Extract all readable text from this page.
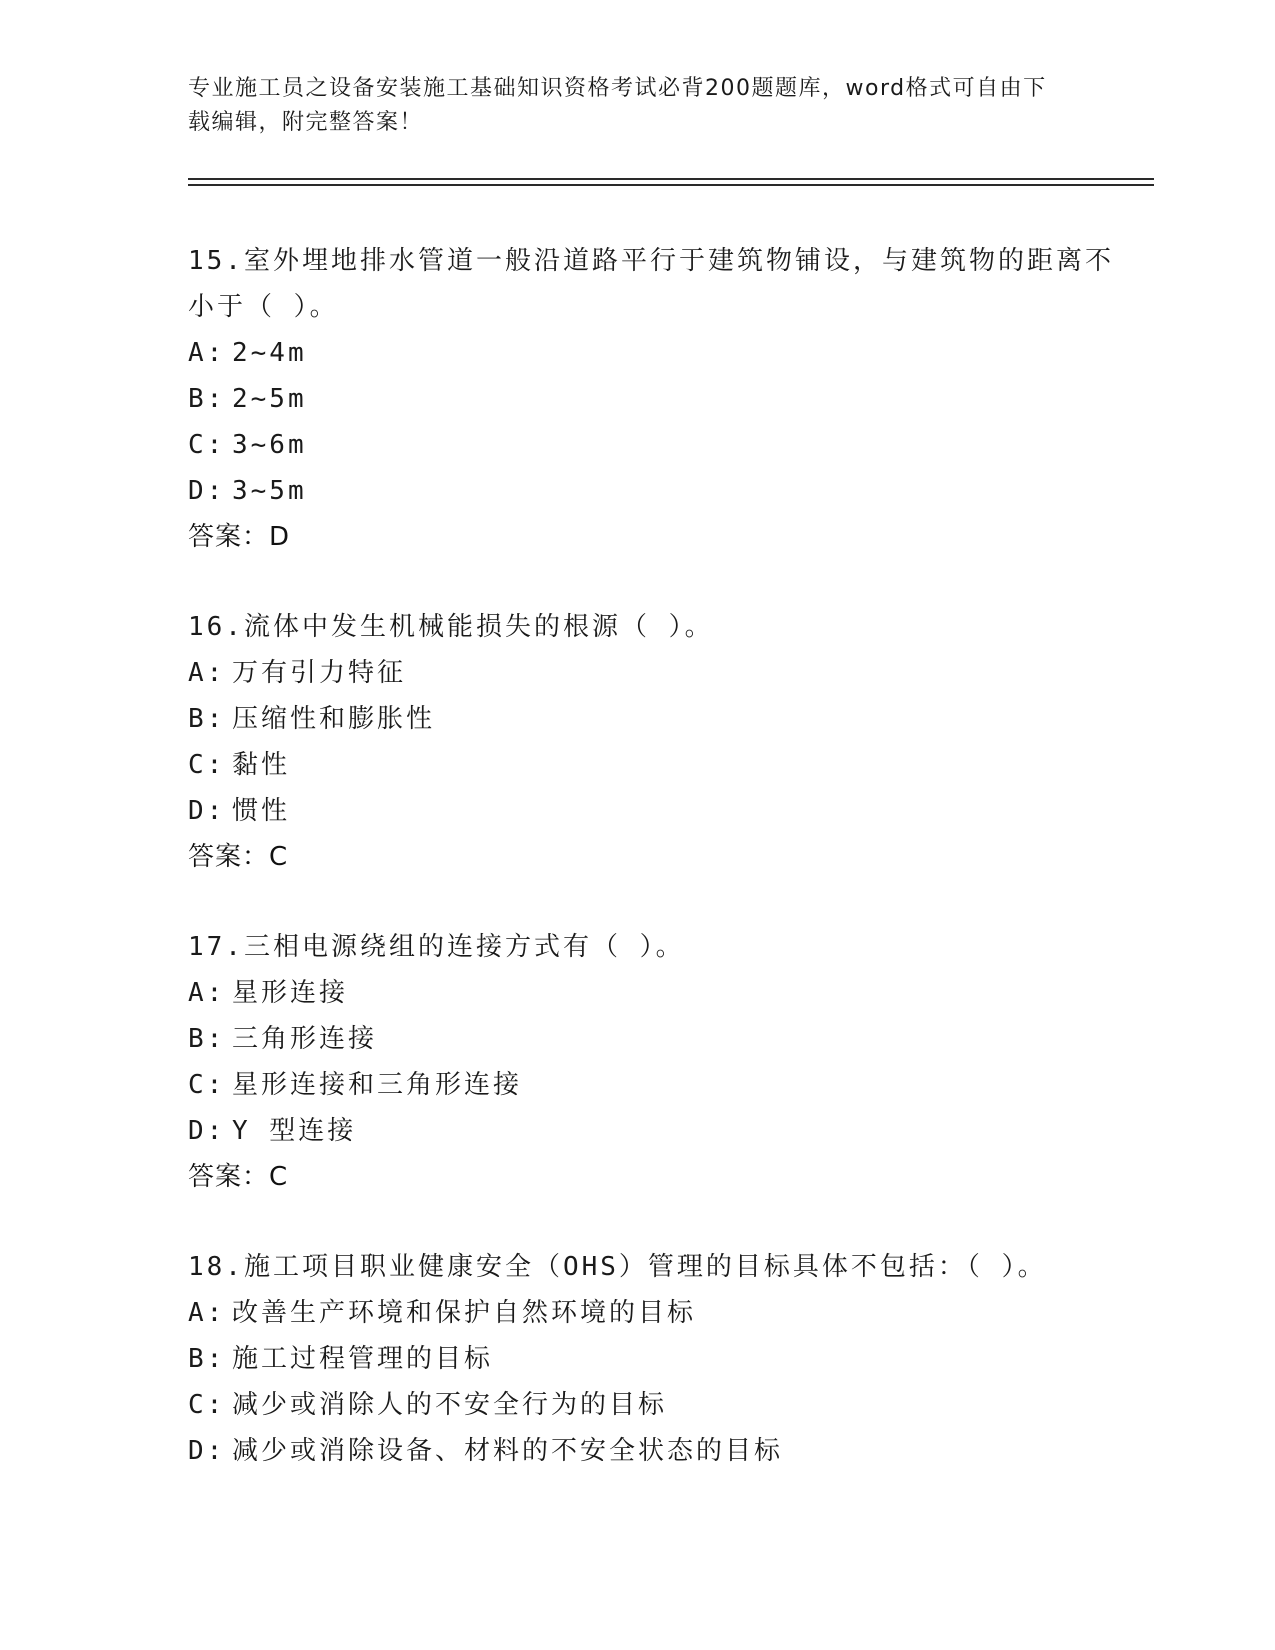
专业施工员之设备安装施工基础知识资格考试必背200题题库，word格式可自由下载编辑，附完整答案！

15.室外埋地排水管道一般沿道路平行于建筑物铺设，与建筑物的距离不小于（ ）。

A: 2~4m
B: 2~5m
C: 3~6m
D: 3~5m
答案：D

16.流体中发生机械能损失的根源（ ）。

A: 万有引力特征
B: 压缩性和膨胀性
C: 黏性
D: 惯性
答案：C

17.三相电源绕组的连接方式有（ ）。

A: 星形连接
B: 三角形连接
C: 星形连接和三角形连接
D: Y 型连接
答案：C

18.施工项目职业健康安全（OHS）管理的目标具体不包括：（ ）。

A: 改善生产环境和保护自然环境的目标
B: 施工过程管理的目标
C: 减少或消除人的不安全行为的目标
D: 减少或消除设备、材料的不安全状态的目标
